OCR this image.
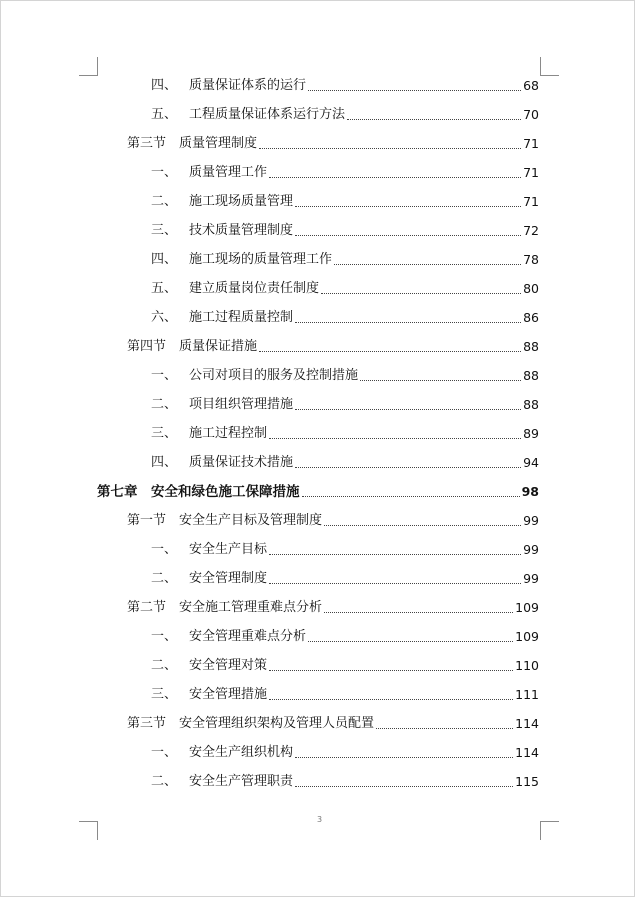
四、 质量保证体系的运行	68
五、 工程质量保证体系运行方法	70
第三节 质量管理制度	71
一、 质量管理工作	71
二、 施工现场质量管理	71
三、 技术质量管理制度	72
四、 施工现场的质量管理工作	78
五、 建立质量岗位责任制度	80
六、 施工过程质量控制	86
第四节 质量保证措施	88
一、 公司对项目的服务及控制措施	88
二、 项目组织管理措施	88
三、 施工过程控制	89
四、 质量保证技术措施	94
第七章	安全和绿色施工保障措施	98
第一节 安全生产目标及管理制度	99
一、 安全生产目标	99
二、 安全管理制度	99
第二节 安全施工管理重难点分析	109
一、 安全管理重难点分析	109
二、 安全管理对策	110
三、 安全管理措施	111
第三节 安全管理组织架构及管理人员配置	114
一、 安全生产组织机构	114
二、 安全生产管理职责	115
3
